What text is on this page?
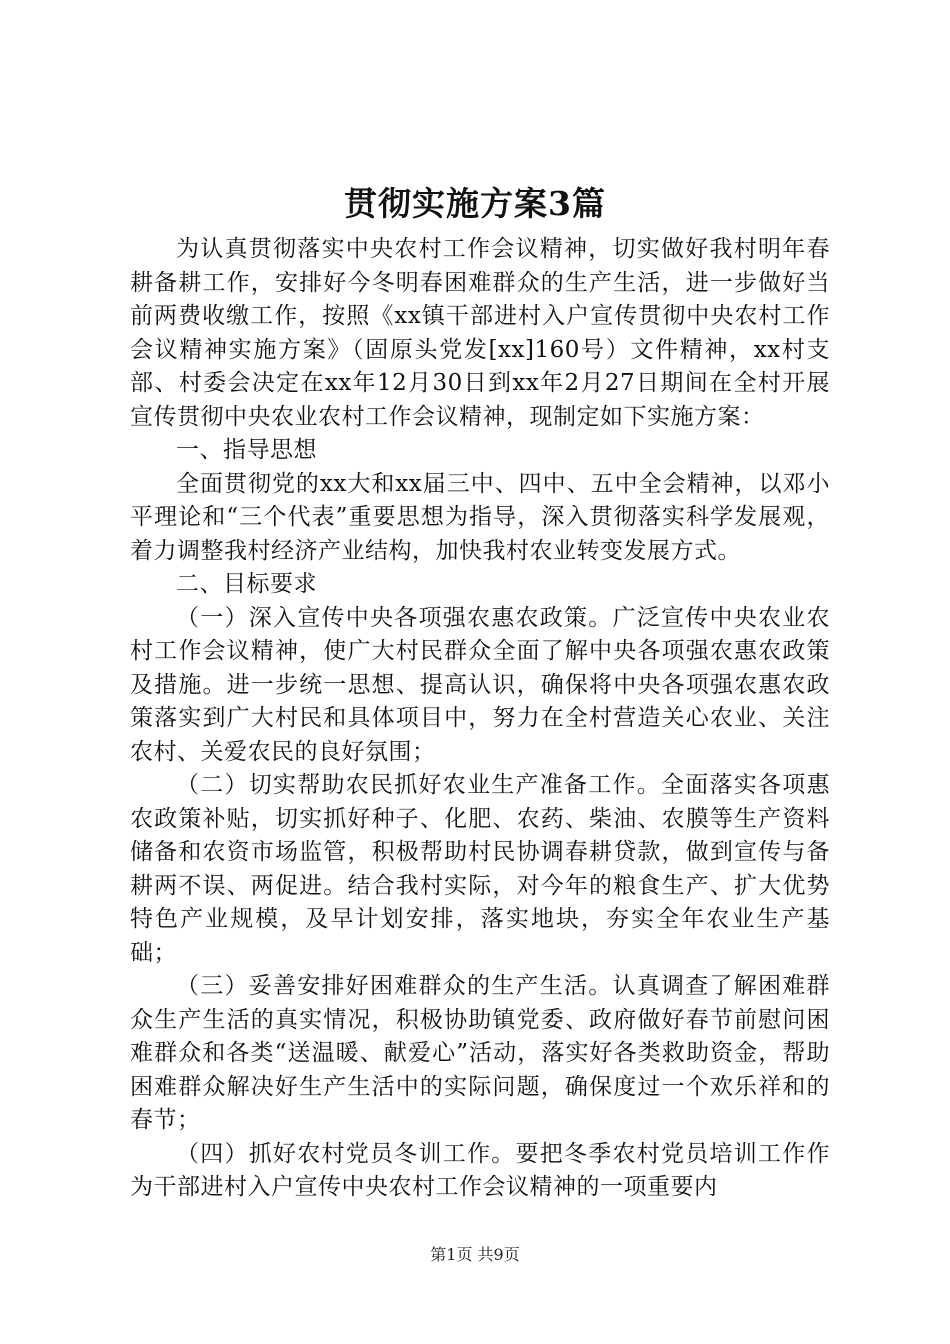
贯彻实施方案3篇

为认真贯彻落实中央农村工作会议精神，切实做好我村明年春耕备耕工作，安排好今冬明春困难群众的生产生活，进一步做好当前两费收缴工作，按照《xx镇干部进村入户宣传贯彻中央农村工作会议精神实施方案》（固原头党发[xx]160号）文件精神，xx村支部、村委会决定在xx年12月30日到xx年2月27日期间在全村开展宣传贯彻中央农业农村工作会议精神，现制定如下实施方案：

一、指导思想

全面贯彻党的xx大和xx届三中、四中、五中全会精神，以邓小平理论和“三个代表”重要思想为指导，深入贯彻落实科学发展观，着力调整我村经济产业结构，加快我村农业转变发展方式。

二、目标要求

（一）深入宣传中央各项强农惠农政策。广泛宣传中央农业农村工作会议精神，使广大村民群众全面了解中央各项强农惠农政策及措施。进一步统一思想、提高认识，确保将中央各项强农惠农政策落实到广大村民和具体项目中，努力在全村营造关心农业、关注农村、关爱农民的良好氛围；

（二）切实帮助农民抓好农业生产准备工作。全面落实各项惠农政策补贴，切实抓好种子、化肥、农药、柴油、农膜等生产资料储备和农资市场监管，积极帮助村民协调春耕贷款，做到宣传与备耕两不误、两促进。结合我村实际，对今年的粮食生产、扩大优势特色产业规模，及早计划安排，落实地块，夯实全年农业生产基础；

（三）妥善安排好困难群众的生产生活。认真调查了解困难群众生产生活的真实情况，积极协助镇党委、政府做好春节前慰问困难群众和各类“送温暖、献爱心”活动，落实好各类救助资金，帮助困难群众解决好生产生活中的实际问题，确保度过一个欢乐祥和的春节；

（四）抓好农村党员冬训工作。要把冬季农村党员培训工作作为干部进村入户宣传中央农村工作会议精神的一项重要内

第1页 共9页
